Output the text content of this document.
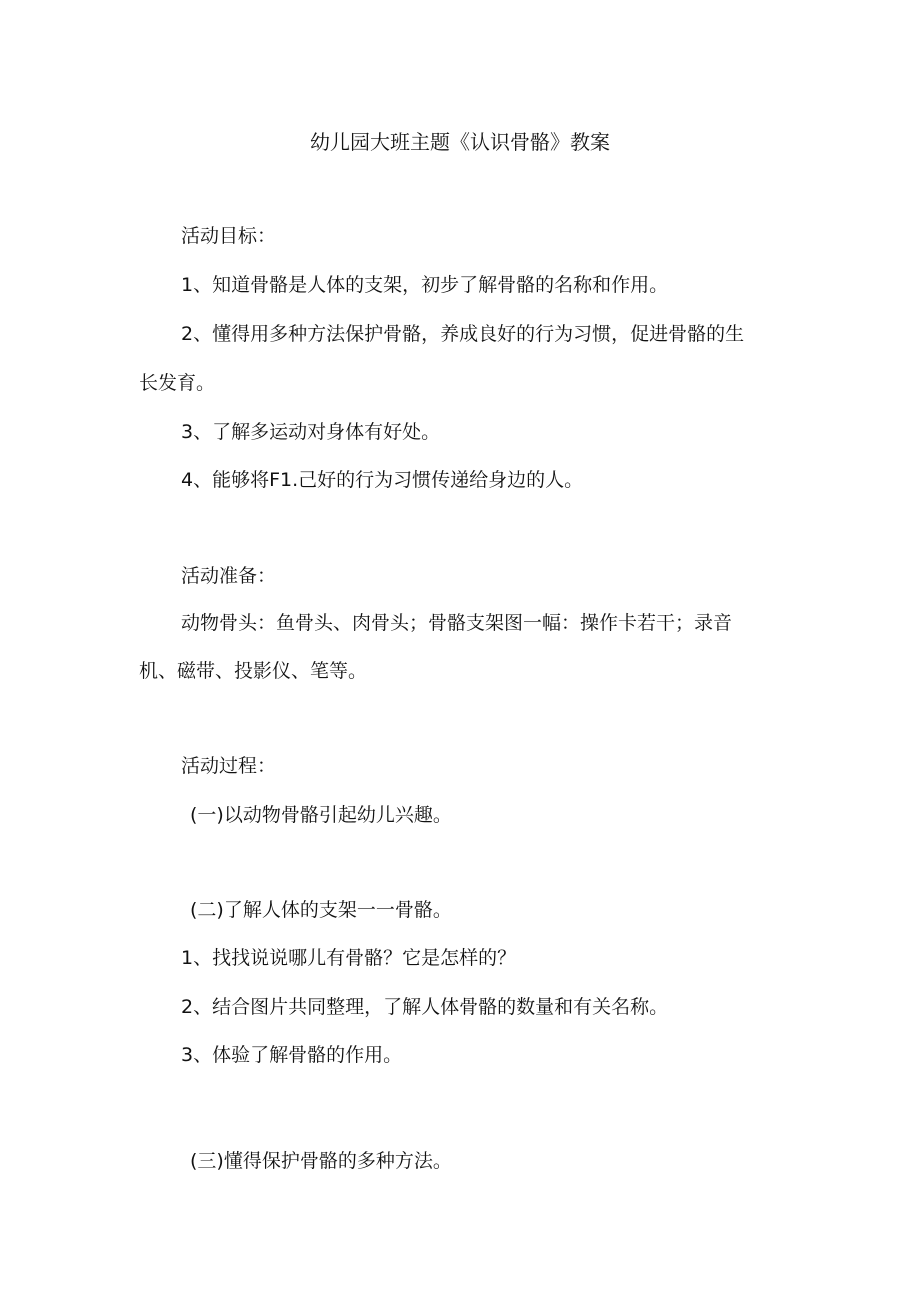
幼儿园大班主题《认识骨骼》教案

活动目标：

1、知道骨骼是人体的支架，初步了解骨骼的名称和作用。

2、懂得用多种方法保护骨骼，养成良好的行为习惯，促进骨骼的生

长发育。

3、了解多运动对身体有好处。

4、能够将F1.己好的行为习惯传递给身边的人。

活动准备：

动物骨头：鱼骨头、肉骨头；骨骼支架图一幅：操作卡若干；录音

机、磁带、投影仪、笔等。

活动过程：

(一)以动物骨骼引起幼儿兴趣。

(二)了解人体的支架一一骨骼。

1、找找说说哪儿有骨骼？它是怎样的？

2、结合图片共同整理，了解人体骨骼的数量和有关名称。

3、体验了解骨骼的作用。

(三)懂得保护骨骼的多种方法。
